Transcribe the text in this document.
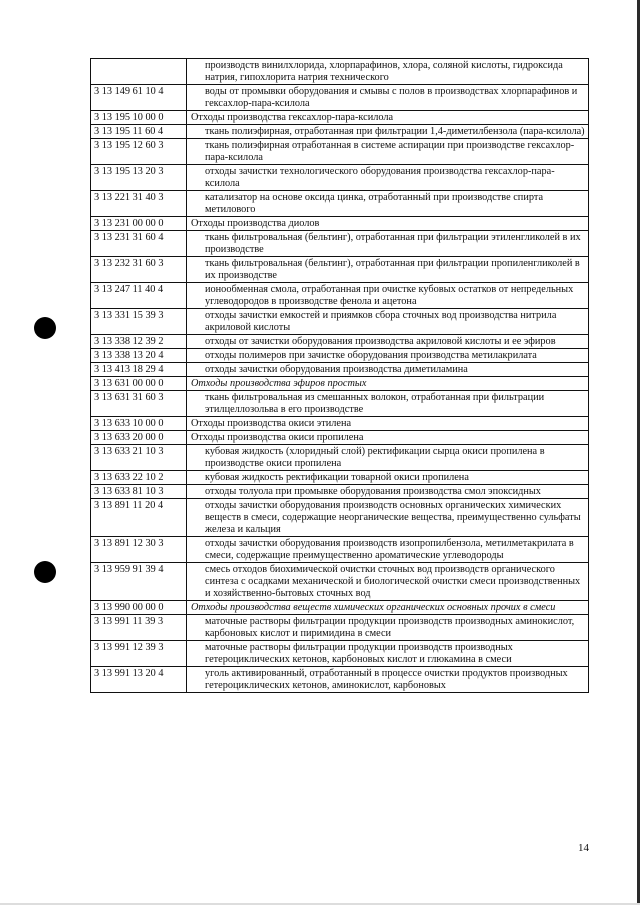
	производств винилхлорида, хлорпарафинов, хлора, соляной кислоты, гидроксида натрия, гипохлорита натрия технического
3 13 149 61 10 4	воды от промывки оборудования и смывы с полов в производствах хлорпарафинов и гексахлор-пара-ксилола
3 13 195 10 00 0	Отходы производства гексахлор-пара-ксилола
3 13 195 11 60 4	ткань полиэфирная, отработанная при фильтрации 1,4-диметилбензола (пара-ксилола)
3 13 195 12 60 3	ткань полиэфирная отработанная в системе аспирации при производстве гексахлор-пара-ксилола
3 13 195 13 20 3	отходы зачистки технологического оборудования производства гексахлор-пара-ксилола
3 13 221 31 40 3	катализатор на основе оксида цинка, отработанный при производстве спирта метилового
3 13 231 00 00 0	Отходы производства диолов
3 13 231 31 60 4	ткань фильтровальная (бельтинг), отработанная при фильтрации этиленгликолей в их производстве
3 13 232 31 60 3	ткань фильтровальная (бельтинг), отработанная при фильтрации пропиленгликолей в их производстве
3 13 247 11 40 4	ионообменная смола, отработанная при очистке кубовых остатков от непредельных углеводородов в производстве фенола и ацетона
3 13 331 15 39 3	отходы зачистки емкостей и приямков сбора сточных вод производства нитрила акриловой кислоты
3 13 338 12 39 2	отходы от зачистки оборудования производства акриловой кислоты и ее эфиров
3 13 338 13 20 4	отходы полимеров при зачистке оборудования производства метилакрилата
3 13 413 18 29 4	отходы зачистки оборудования производства диметиламина
3 13 631 00 00 0	Отходы производства эфиров простых
3 13 631 31 60 3	ткань фильтровальная из смешанных волокон, отработанная при фильтрации этилцеллозольва в его производстве
3 13 633 10 00 0	Отходы производства окиси этилена
3 13 633 20 00 0	Отходы производства окиси пропилена
3 13 633 21 10 3	кубовая жидкость (хлоридный слой) ректификации сырца окиси пропилена в производстве окиси пропилена
3 13 633 22 10 2	кубовая жидкость ректификации товарной окиси пропилена
3 13 633 81 10 3	отходы толуола при промывке оборудования производства смол эпоксидных
3 13 891 11 20 4	отходы зачистки оборудования производств основных органических химических веществ в смеси, содержащие неорганические вещества, преимущественно сульфаты железа и кальция
3 13 891 12 30 3	отходы зачистки оборудования производств изопропилбензола, метилметакрилата в смеси, содержащие преимущественно ароматические углеводороды
3 13 959 91 39 4	смесь отходов биохимической очистки сточных вод производств органического синтеза с осадками механической и биологической очистки смеси производственных и хозяйственно-бытовых сточных вод
3 13 990 00 00 0	Отходы производства веществ химических органических основных прочих в смеси
3 13 991 11 39 3	маточные растворы фильтрации продукции производств производных аминокислот, карбоновых кислот и пиримидина в смеси
3 13 991 12 39 3	маточные растворы фильтрации продукции производств производных гетероциклических кетонов, карбоновых кислот и глюкамина в смеси
3 13 991 13 20 4	уголь активированный, отработанный в процессе очистки продуктов производных гетероциклических кетонов, аминокислот, карбоновых
14
